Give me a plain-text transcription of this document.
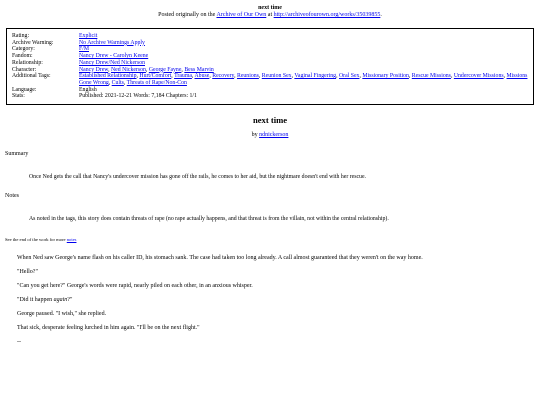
next time
Posted originally on the Archive of Our Own at http://archiveofourown.org/works/35039855.
Rating:	Explicit
Archive Warning:	No Archive Warnings Apply
Category:	F/M
Fandom:	Nancy Drew - Carolyn Keene
Relationship:	Nancy Drew/Ned Nickerson
Character:	Nancy Drew , Ned Nickerson , George Fayne , Bess Marvin
Additional Tags:	Established Relationship , Hurt/Comfort , Trauma , Abuse , Recovery , Reunions , Reunion Sex , Vaginal Fingering , Oral Sex , Missionary Position , Rescue Missions , Undercover Missions , Missions Gone Wrong , Cults , Threats of Rape/Non-Con
Language:	English
Stats:	Published: 2021-12-21 Words: 7,184 Chapters: 1/1
next time
by ndnickerson
Summary
Once Ned gets the call that Nancy's undercover mission has gone off the rails, he comes to her aid, but the nightmare doesn't end with her rescue.
Notes
As noted in the tags, this story does contain threats of rape (no rape actually happens, and that threat is from the villain, not within the central relationship).
See the end of the work for more notes

When Ned saw George's name flash on his caller ID, his stomach sank. The case had taken too long already. A call almost guaranteed that they weren't on the way home.

"Hello?"

"Can you get here?" George's words were rapid, nearly piled on each other, in an anxious whisper.

"Did it happen again?"

George paused. "I wish," she replied.

That sick, desperate feeling lurched in him again. "I'll be on the next flight."

--
